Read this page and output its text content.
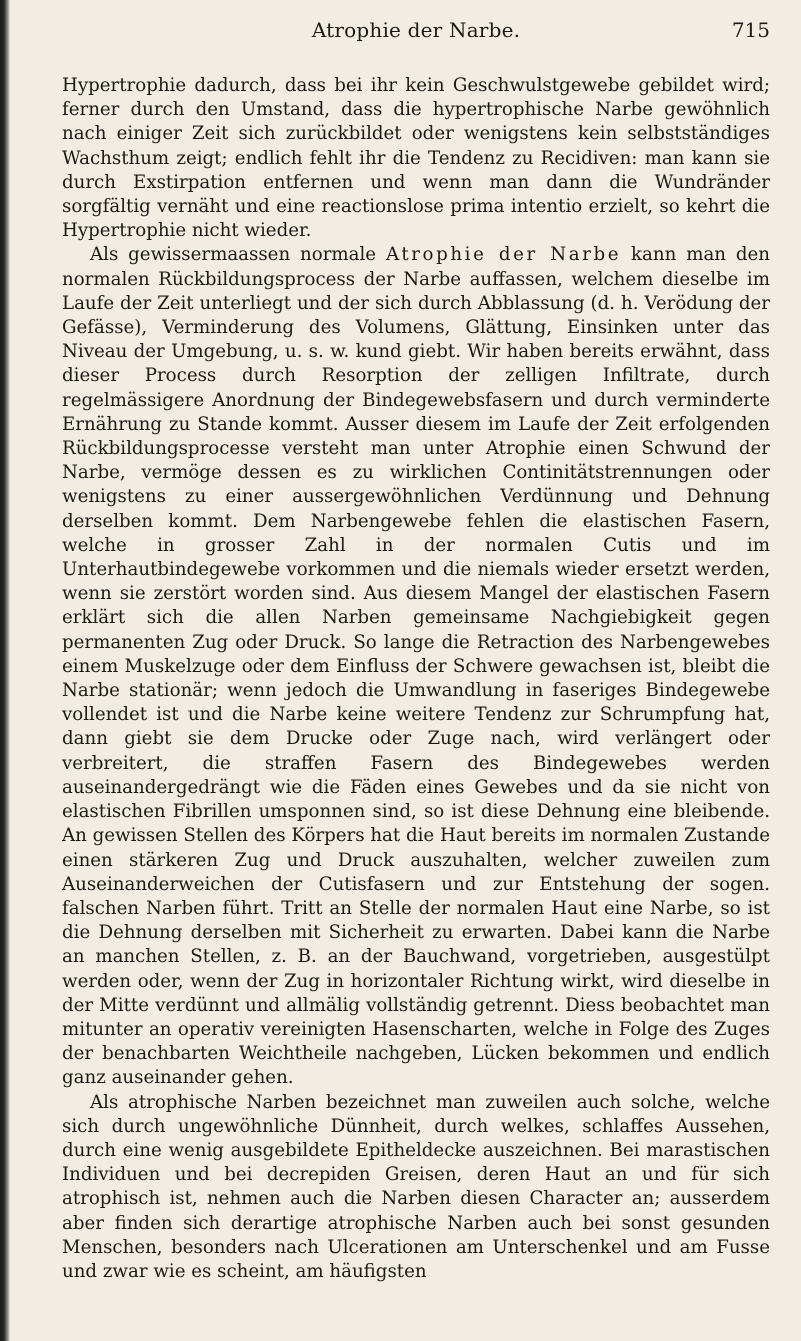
Atrophie der Narbe.	715

Hypertrophie dadurch, dass bei ihr kein Geschwulstgewebe gebildet wird; ferner durch den Umstand, dass die hypertrophische Narbe gewöhnlich nach einiger Zeit sich zurückbildet oder wenigstens kein selbstständiges Wachsthum zeigt; endlich fehlt ihr die Tendenz zu Recidiven: man kann sie durch Exstirpation entfernen und wenn man dann die Wundränder sorgfältig vernäht und eine reactionslose prima intentio erzielt, so kehrt die Hypertrophie nicht wieder.

Als gewissermaassen normale Atrophie der Narbe kann man den normalen Rückbildungsprocess der Narbe auffassen, welchem dieselbe im Laufe der Zeit unterliegt und der sich durch Abblassung (d. h. Verödung der Gefässe), Verminderung des Volumens, Glättung, Einsinken unter das Niveau der Umgebung, u. s. w. kund giebt. Wir haben bereits erwähnt, dass dieser Process durch Resorption der zelligen Infiltrate, durch regelmässigere Anordnung der Bindegewebsfasern und durch verminderte Ernährung zu Stande kommt. Ausser diesem im Laufe der Zeit erfolgenden Rückbildungsprocesse versteht man unter Atrophie einen Schwund der Narbe, vermöge dessen es zu wirklichen Continitätstrennungen oder wenigstens zu einer aussergewöhnlichen Verdünnung und Dehnung derselben kommt. Dem Narbengewebe fehlen die elastischen Fasern, welche in grosser Zahl in der normalen Cutis und im Unterhautbindegewebe vorkommen und die niemals wieder ersetzt werden, wenn sie zerstört worden sind. Aus diesem Mangel der elastischen Fasern erklärt sich die allen Narben gemeinsame Nachgiebigkeit gegen permanenten Zug oder Druck. So lange die Retraction des Narbengewebes einem Muskelzuge oder dem Einfluss der Schwere gewachsen ist, bleibt die Narbe stationär; wenn jedoch die Umwandlung in faseriges Bindegewebe vollendet ist und die Narbe keine weitere Tendenz zur Schrumpfung hat, dann giebt sie dem Drucke oder Zuge nach, wird verlängert oder verbreitert, die straffen Fasern des Bindegewebes werden auseinandergedrängt wie die Fäden eines Gewebes und da sie nicht von elastischen Fibrillen umsponnen sind, so ist diese Dehnung eine bleibende. An gewissen Stellen des Körpers hat die Haut bereits im normalen Zustande einen stärkeren Zug und Druck auszuhalten, welcher zuweilen zum Auseinanderweichen der Cutisfasern und zur Entstehung der sogen. falschen Narben führt. Tritt an Stelle der normalen Haut eine Narbe, so ist die Dehnung derselben mit Sicherheit zu erwarten. Dabei kann die Narbe an manchen Stellen, z. B. an der Bauchwand, vorgetrieben, ausgestülpt werden oder, wenn der Zug in horizontaler Richtung wirkt, wird dieselbe in der Mitte verdünnt und allmälig vollständig getrennt. Diess beobachtet man mitunter an operativ vereinigten Hasenscharten, welche in Folge des Zuges der benachbarten Weichtheile nachgeben, Lücken bekommen und endlich ganz auseinander gehen.

Als atrophische Narben bezeichnet man zuweilen auch solche, welche sich durch ungewöhnliche Dünnheit, durch welkes, schlaffes Aussehen, durch eine wenig ausgebildete Epitheldecke auszeichnen. Bei marastischen Individuen und bei decrepiden Greisen, deren Haut an und für sich atrophisch ist, nehmen auch die Narben diesen Character an; ausserdem aber finden sich derartige atrophische Narben auch bei sonst gesunden Menschen, besonders nach Ulcerationen am Unterschenkel und am Fusse und zwar wie es scheint, am häufigsten
